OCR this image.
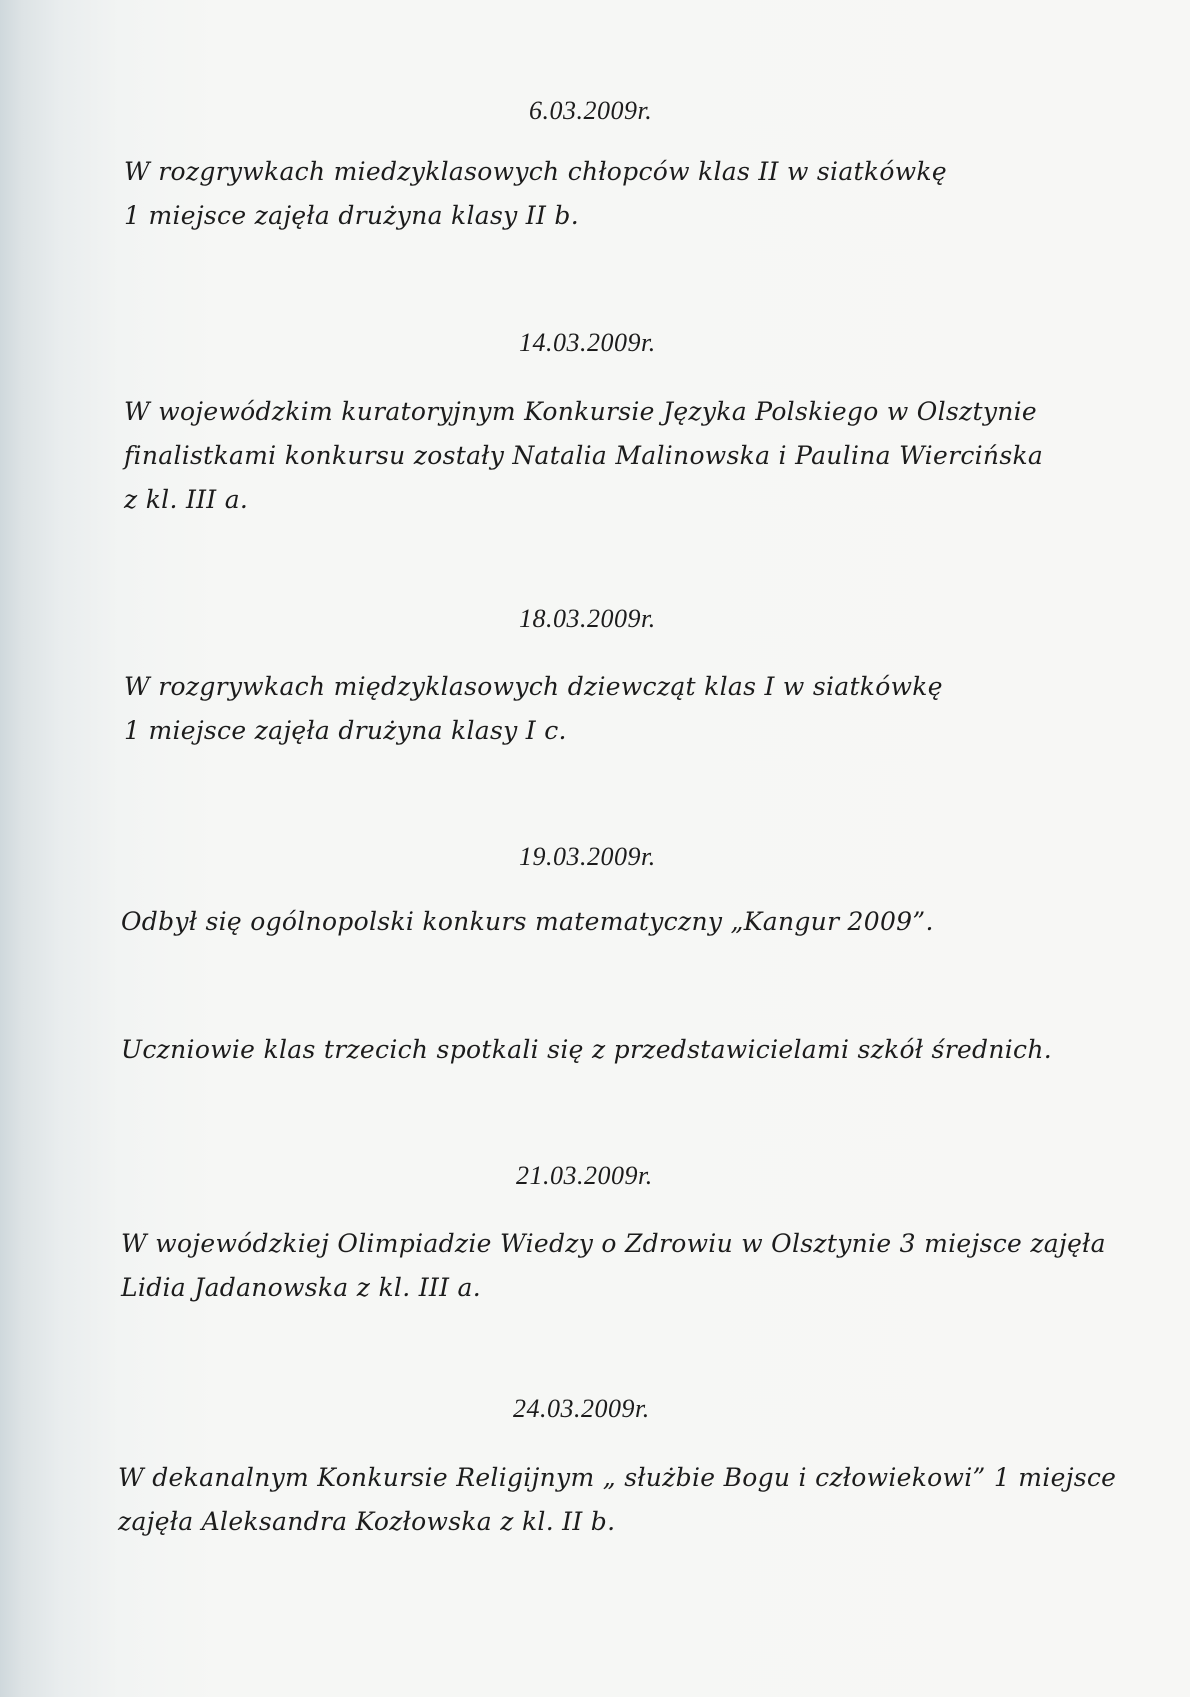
6.03.2009r.
W rozgrywkach miedzyklasowych chłopców klas II w siatkówkę
1 miejsce zajęła drużyna klasy II b.
14.03.2009r.
W wojewódzkim kuratoryjnym Konkursie Języka Polskiego w Olsztynie
finalistkami konkursu zostały Natalia Malinowska i Paulina Wiercińska
z kl. III a.
18.03.2009r.
W rozgrywkach międzyklasowych dziewcząt klas I w siatkówkę
1 miejsce zajęła drużyna klasy I c.
19.03.2009r.
Odbył się ogólnopolski konkurs matematyczny „Kangur 2009”.
Uczniowie klas trzecich spotkali się z przedstawicielami szkół średnich.
21.03.2009r.
W wojewódzkiej Olimpiadzie Wiedzy o Zdrowiu w Olsztynie 3 miejsce zajęła
Lidia Jadanowska z kl. III a.
24.03.2009r.
W dekanalnym Konkursie Religijnym „ służbie Bogu i człowiekowi” 1 miejsce
zajęła Aleksandra Kozłowska z kl. II b.
